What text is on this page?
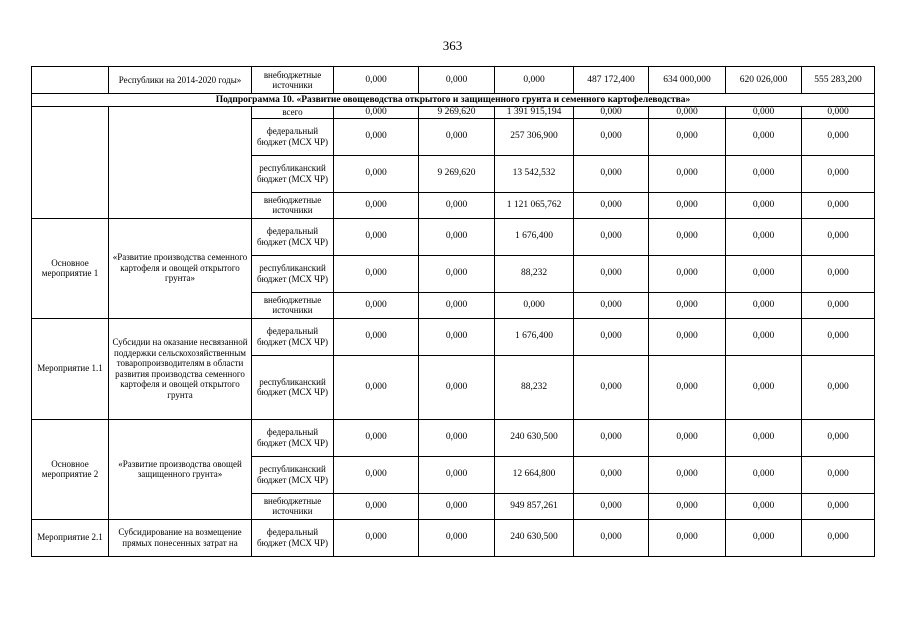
363
	Республики на 2014-2020 годы»	внебюджетные источники	0,000	0,000	0,000	487 172,400	634 000,000	620 026,000	555 283,200
Подпрограмма 10. «Развитие овощеводства открытого и защищенного грунта и семенного картофелеводства»									
		всего	0,000	9 269,620	1 391 915,194	0,000	0,000	0,000	0,000
		федеральный бюджет (МСХ ЧР)	0,000	0,000	257 306,900	0,000	0,000	0,000	0,000
		республиканский бюджет (МСХ ЧР)	0,000	9 269,620	13 542,532	0,000	0,000	0,000	0,000
		внебюджетные источники	0,000	0,000	1 121 065,762	0,000	0,000	0,000	0,000
Основное мероприятие 1	«Развитие производства семенного картофеля и овощей открытого грунта»	федеральный бюджет (МСХ ЧР)	0,000	0,000	1 676,400	0,000	0,000	0,000	0,000
		республиканский бюджет (МСХ ЧР)	0,000	0,000	88,232	0,000	0,000	0,000	0,000
		внебюджетные источники	0,000	0,000	0,000	0,000	0,000	0,000	0,000
Мероприятие 1.1	Субсидии на оказание несвязанной поддержки сельскохозяйственным товаропроизводителям в области развития производства семенного картофеля и овощей открытого грунта	федеральный бюджет (МСХ ЧР)	0,000	0,000	1 676,400	0,000	0,000	0,000	0,000
		республиканский бюджет (МСХ ЧР)	0,000	0,000	88,232	0,000	0,000	0,000	0,000
Основное мероприятие 2	«Развитие производства овощей защищенного грунта»	федеральный бюджет (МСХ ЧР)	0,000	0,000	240 630,500	0,000	0,000	0,000	0,000
		республиканский бюджет (МСХ ЧР)	0,000	0,000	12 664,800	0,000	0,000	0,000	0,000
		внебюджетные источники	0,000	0,000	949 857,261	0,000	0,000	0,000	0,000
Мероприятие 2.1	Субсидирование на возмещение прямых понесенных затрат на	федеральный бюджет (МСХ ЧР)	0,000	0,000	240 630,500	0,000	0,000	0,000	0,000
